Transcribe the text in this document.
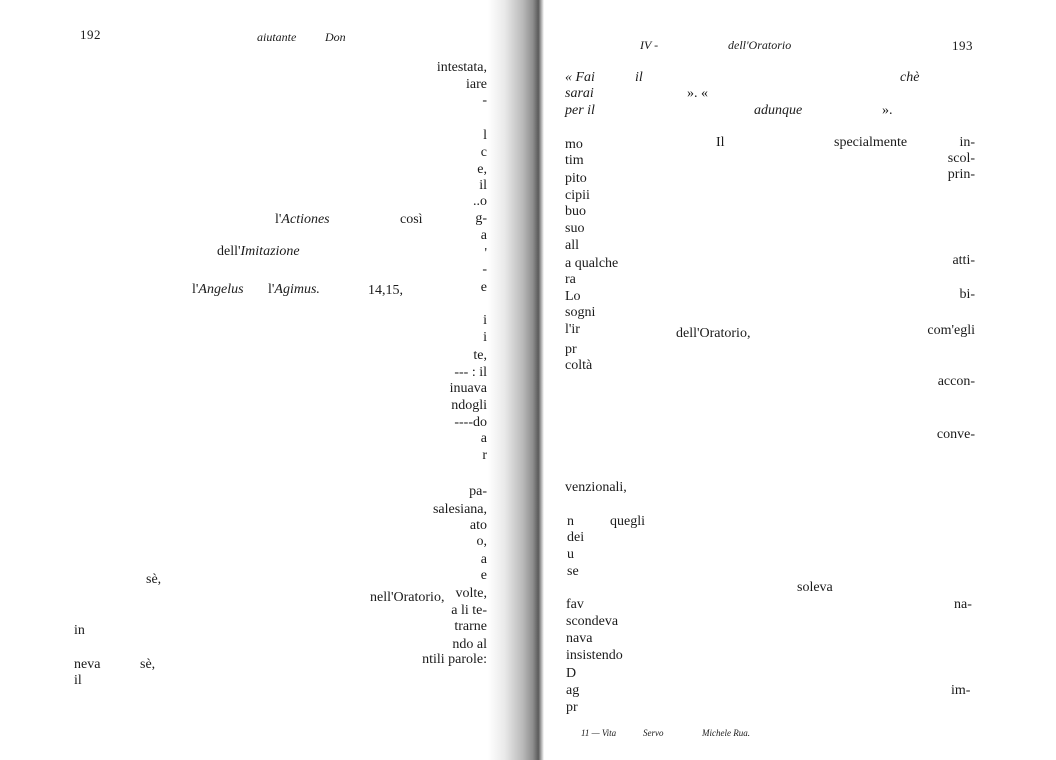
192	aiutante Don
intestata,
iare
-
l
c
e,
il
..o
g-
a
'
-
e
i
i
te,
--- : il
inuava
ndogli
----do
a
r
pa-
salesiana,
ato
o,
a
e
volte,
a li te-
trarne
ndo al
ntili parole:
l'Actiones	così
dell'Imitazione
l'Angelus l'Agimus.	14,15,
sè,
nell'Oratorio,
in
neva	sè,
il
IV -	dell'Oratorio	193
« Fai	il	chè
sarai	». «
per il	adunque	».
mo
tim
pito
cipii
buo
suo
all
a qualche
ra
Lo
sogni
l'ir
pr
coltà
in-
scol-
prin-
atti-
bi-
com'egli
accon-
conve-
Il	specialmente
dell'Oratorio,
venzionali,
n	quegli
dei
u
se
soleva
na-
im-
fav
scondeva
nava
insistendo
D
ag
pr
11 — Vita	Servo	Michele Rua.
